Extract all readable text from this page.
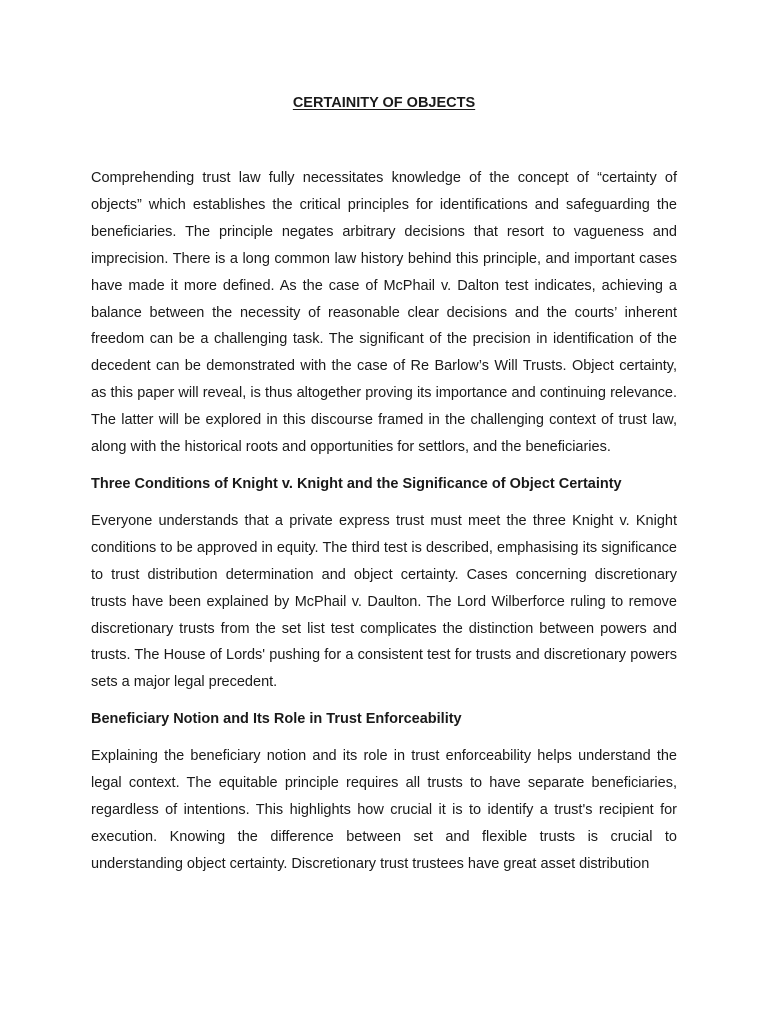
CERTAINITY OF OBJECTS

Comprehending trust law fully necessitates knowledge of the concept of “certainty of objects” which establishes the critical principles for identifications and safeguarding the beneficiaries. The principle negates arbitrary decisions that resort to vagueness and imprecision. There is a long common law history behind this principle, and important cases have made it more defined. As the case of McPhail v. Dalton test indicates, achieving a balance between the necessity of reasonable clear decisions and the courts’ inherent freedom can be a challenging task. The significant of the precision in identification of the decedent can be demonstrated with the case of Re Barlow’s Will Trusts. Object certainty, as this paper will reveal, is thus altogether proving its importance and continuing relevance. The latter will be explored in this discourse framed in the challenging context of trust law, along with the historical roots and opportunities for settlors, and the beneficiaries.

Three Conditions of Knight v. Knight and the Significance of Object Certainty

Everyone understands that a private express trust must meet the three Knight v. Knight conditions to be approved in equity. The third test is described, emphasising its significance to trust distribution determination and object certainty. Cases concerning discretionary trusts have been explained by McPhail v. Daulton. The Lord Wilberforce ruling to remove discretionary trusts from the set list test complicates the distinction between powers and trusts. The House of Lords' pushing for a consistent test for trusts and discretionary powers sets a major legal precedent.

Beneficiary Notion and Its Role in Trust Enforceability

Explaining the beneficiary notion and its role in trust enforceability helps understand the legal context. The equitable principle requires all trusts to have separate beneficiaries, regardless of intentions. This highlights how crucial it is to identify a trust's recipient for execution. Knowing the difference between set and flexible trusts is crucial to understanding object certainty. Discretionary trust trustees have great asset distribution
